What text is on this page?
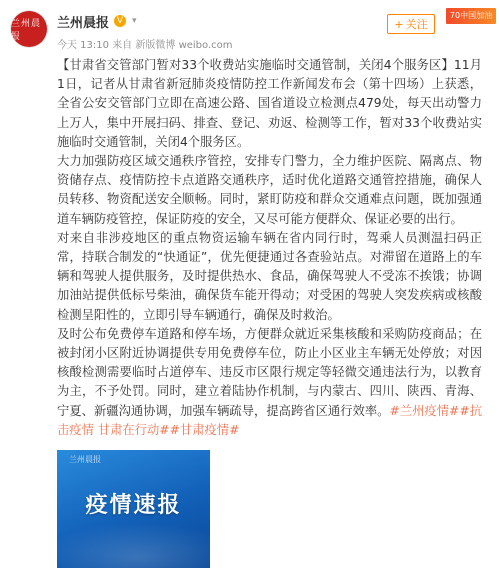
兰州晨报
兰州晨报 V ▾
今天 13:10 来自 新版微博 weibo.com
+ 关注
70中国加油

【甘肃省交管部门暂对33个收费站实施临时交通管制，关闭4个服务区】11月1日，记者从甘肃省新冠肺炎疫情防控工作新闻发布会（第十四场）上获悉，全省公安交管部门立即在高速公路、国省道设立检测点479处，每天出动警力上万人，集中开展扫码、排查、登记、劝返、检测等工作，暂对33个收费站实施临时交通管制，关闭4个服务区。

大力加强防疫区域交通秩序管控，安排专门警力，全力维护医院、隔离点、物资储存点、疫情防控卡点道路交通秩序，适时优化道路交通管控措施，确保人员转移、物资配送安全顺畅。同时，紧盯防疫和群众交通难点问题，既加强通道车辆防疫管控，保证防疫的安全，又尽可能方便群众、保证必要的出行。

对来自非涉疫地区的重点物资运输车辆在省内同行时，驾乘人员测温扫码正常，持联合制发的“快通证”，优先便捷通过各查验站点。对滞留在道路上的车辆和驾驶人提供服务，及时提供热水、食品，确保驾驶人不受冻不挨饿；协调加油站提供低标号柴油，确保货车能开得动；对受困的驾驶人突发疾病或核酸检测呈阳性的，立即引导车辆通行，确保及时救治。

及时公布免费停车道路和停车场，方便群众就近采集核酸和采购防疫商品；在被封闭小区附近协调提供专用免费停车位，防止小区业主车辆无处停放；对因核酸检测需要临时占道停车、违反市区限行规定等轻微交通违法行为，以教育为主，不予处罚。同时，建立着陆协作机制，与内蒙古、四川、陕西、青海、宁夏、新疆沟通协调，加强车辆疏导，提高跨省区通行效率。#兰州疫情##抗击疫情 甘肃在行动##甘肃疫情#

兰州晨报
疫情速报
